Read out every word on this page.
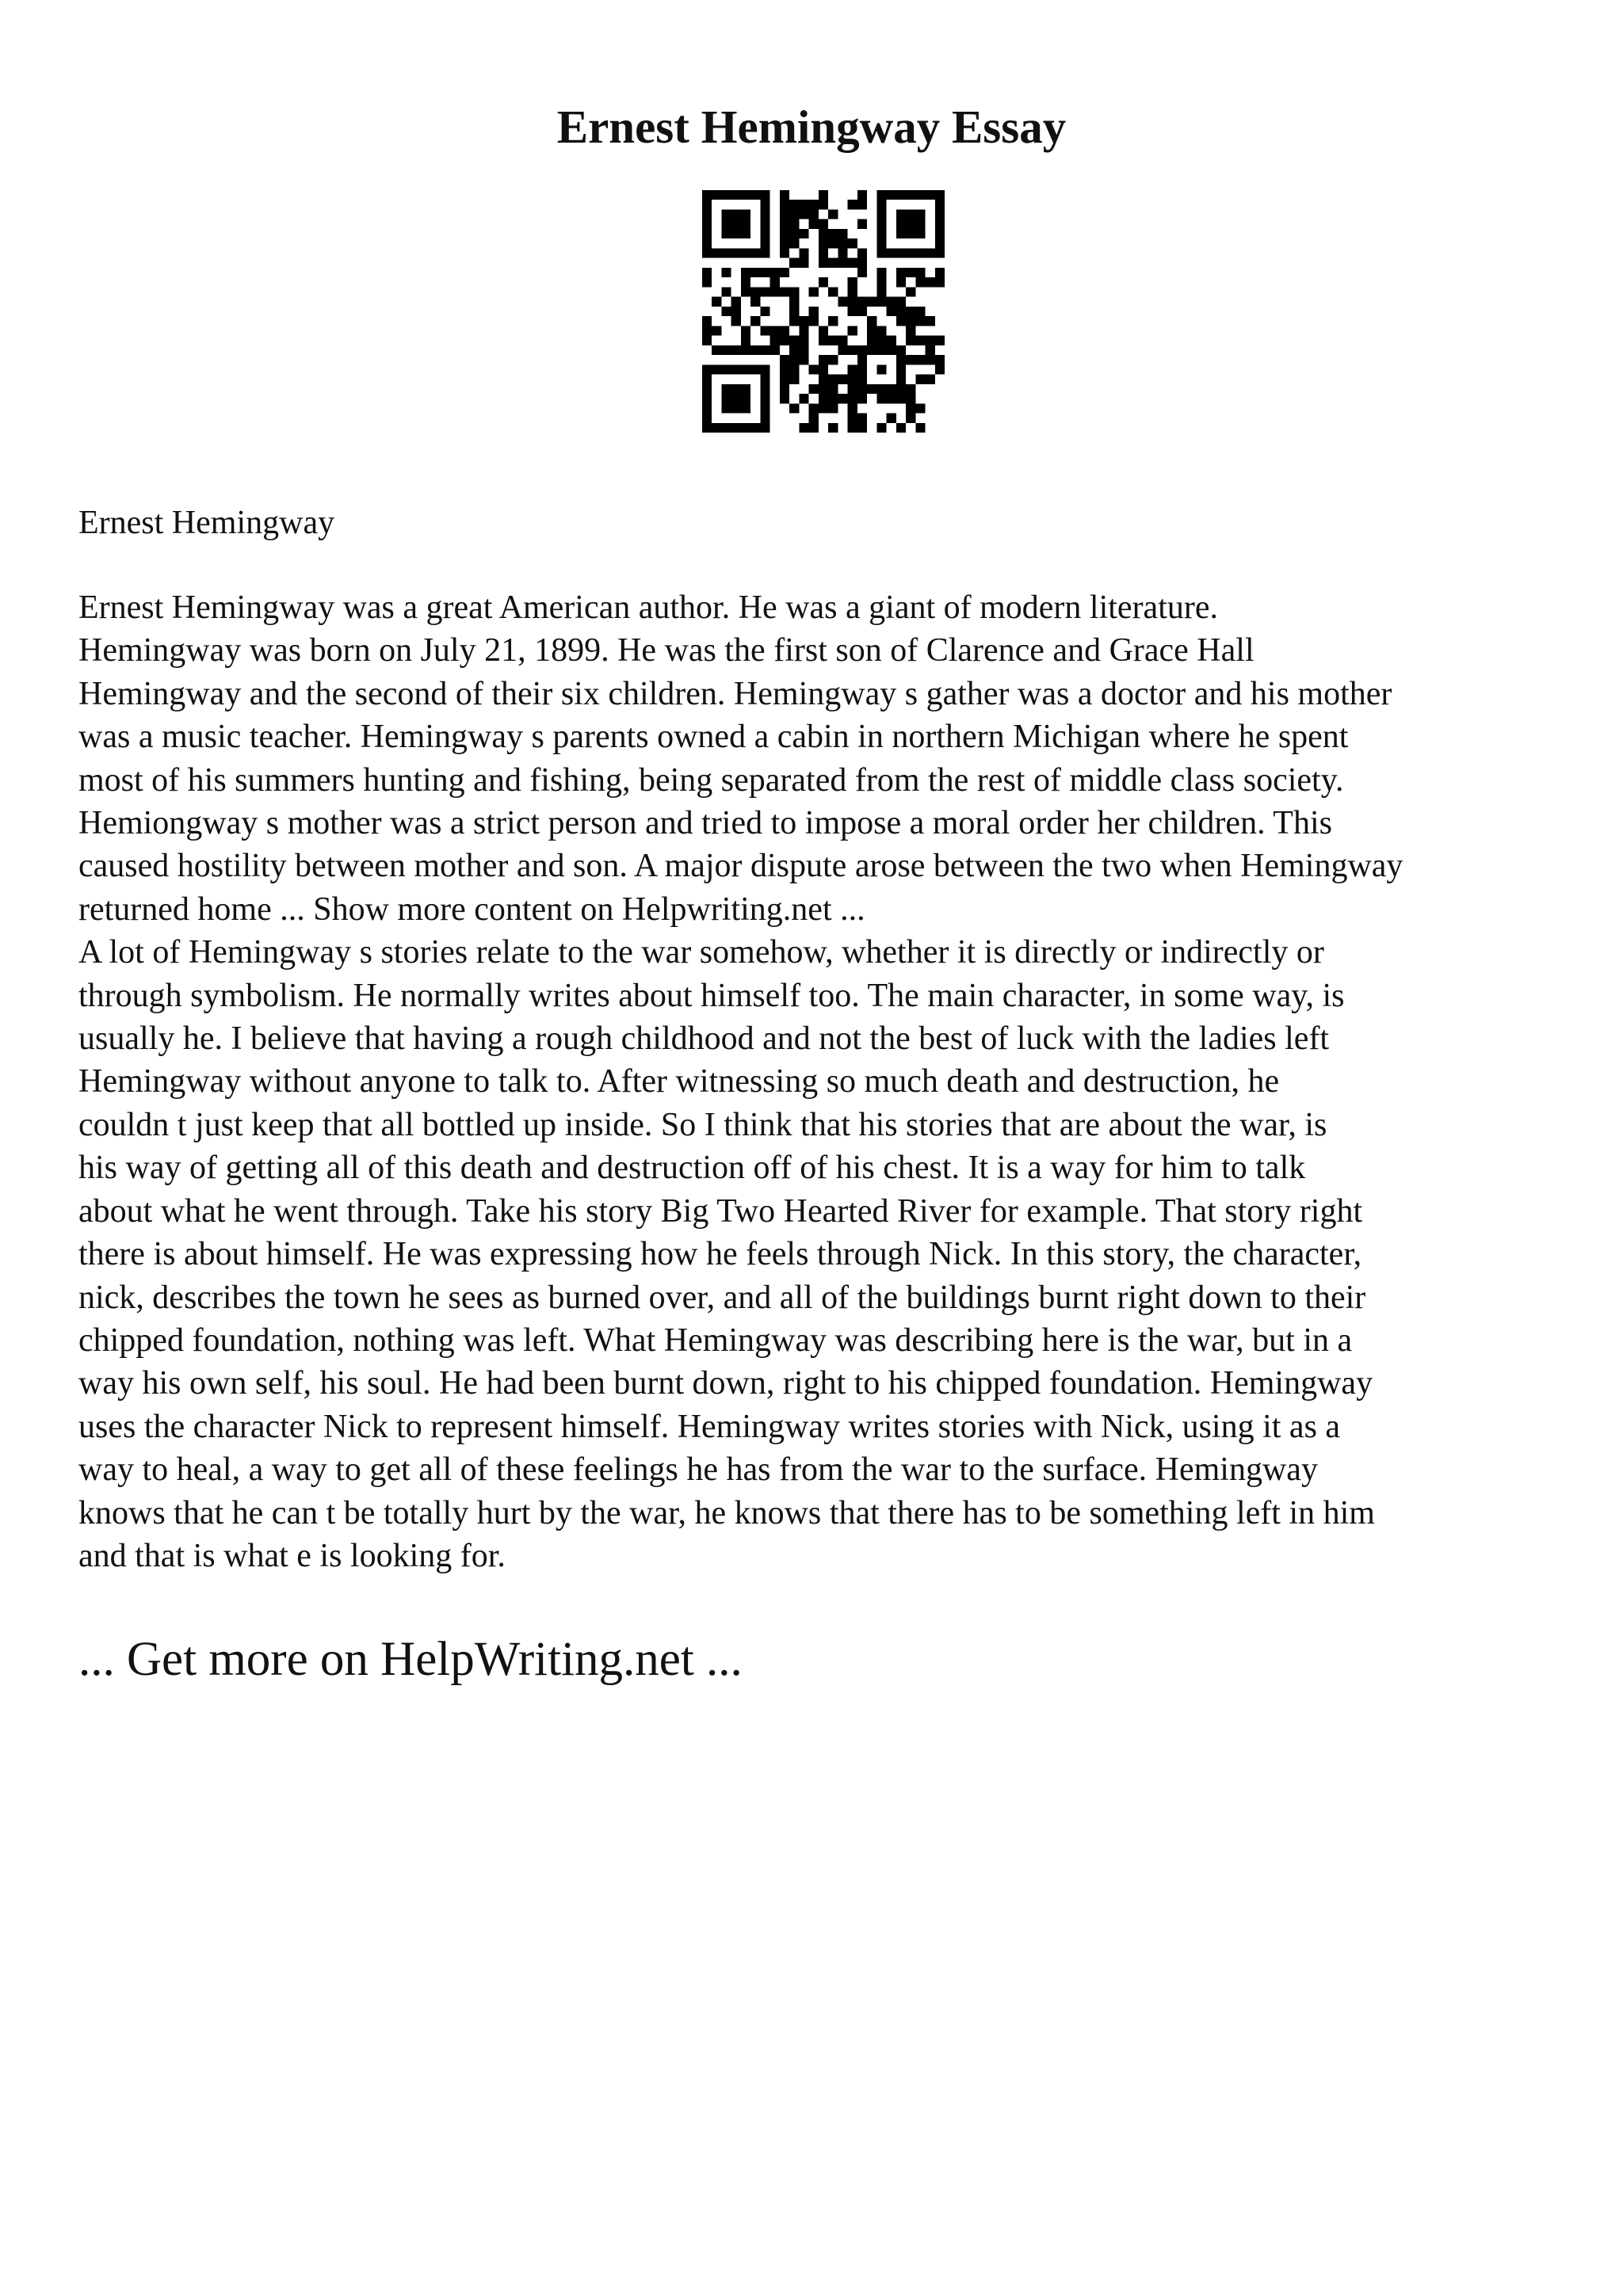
Ernest Hemingway Essay

Ernest Hemingway

Ernest Hemingway was a great American author. He was a giant of modern literature.
Hemingway was born on July 21, 1899. He was the first son of Clarence and Grace Hall
Hemingway and the second of their six children. Hemingway s gather was a doctor and his mother
was a music teacher. Hemingway s parents owned a cabin in northern Michigan where he spent
most of his summers hunting and fishing, being separated from the rest of middle class society.
Hemiongway s mother was a strict person and tried to impose a moral order her children. This
caused hostility between mother and son. A major dispute arose between the two when Hemingway
returned home ... Show more content on Helpwriting.net ...
A lot of Hemingway s stories relate to the war somehow, whether it is directly or indirectly or
through symbolism. He normally writes about himself too. The main character, in some way, is
usually he. I believe that having a rough childhood and not the best of luck with the ladies left
Hemingway without anyone to talk to. After witnessing so much death and destruction, he
couldn t just keep that all bottled up inside. So I think that his stories that are about the war, is
his way of getting all of this death and destruction off of his chest. It is a way for him to talk
about what he went through. Take his story Big Two Hearted River for example. That story right
there is about himself. He was expressing how he feels through Nick. In this story, the character,
nick, describes the town he sees as burned over, and all of the buildings burnt right down to their
chipped foundation, nothing was left. What Hemingway was describing here is the war, but in a
way his own self, his soul. He had been burnt down, right to his chipped foundation. Hemingway
uses the character Nick to represent himself. Hemingway writes stories with Nick, using it as a
way to heal, a way to get all of these feelings he has from the war to the surface. Hemingway
knows that he can t be totally hurt by the war, he knows that there has to be something left in him
and that is what e is looking for.

... Get more on HelpWriting.net ...
